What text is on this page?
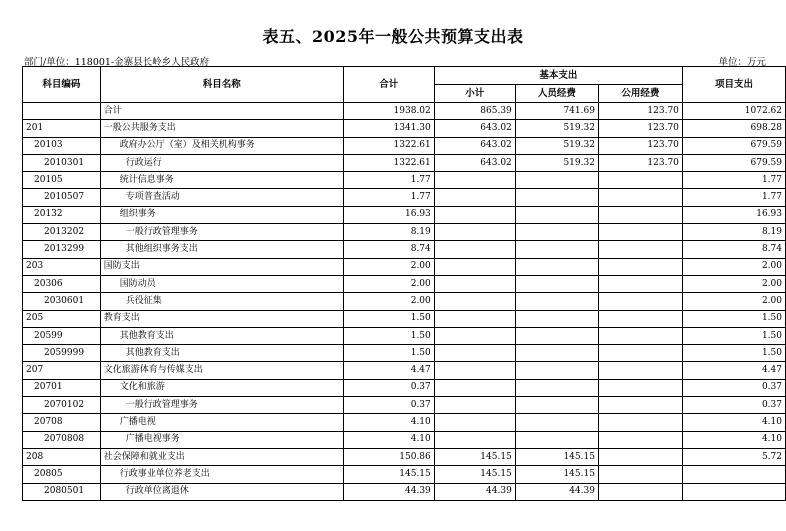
表五、2025年一般公共预算支出表
部门/单位：118001-金寨县长岭乡人民政府	单位：万元
科目编码	科目名称	合计	基本支出			项目支出
			小计	人员经费	公用经费	
	合计	1938.02	865.39	741.69	123.70	1072.62
201	一般公共服务支出	1341.30	643.02	519.32	123.70	698.28
20103	政府办公厅（室）及相关机构事务	1322.61	643.02	519.32	123.70	679.59
2010301	行政运行	1322.61	643.02	519.32	123.70	679.59
20105	统计信息事务	1.77				1.77
2010507	专项普查活动	1.77				1.77
20132	组织事务	16.93				16.93
2013202	一般行政管理事务	8.19				8.19
2013299	其他组织事务支出	8.74				8.74
203	国防支出	2.00				2.00
20306	国防动员	2.00				2.00
2030601	兵役征集	2.00				2.00
205	教育支出	1.50				1.50
20599	其他教育支出	1.50				1.50
2059999	其他教育支出	1.50				1.50
207	文化旅游体育与传媒支出	4.47				4.47
20701	文化和旅游	0.37				0.37
2070102	一般行政管理事务	0.37				0.37
20708	广播电视	4.10				4.10
2070808	广播电视事务	4.10				4.10
208	社会保障和就业支出	150.86	145.15	145.15		5.72
20805	行政事业单位养老支出	145.15	145.15	145.15		
2080501	行政单位离退休	44.39	44.39	44.39		
